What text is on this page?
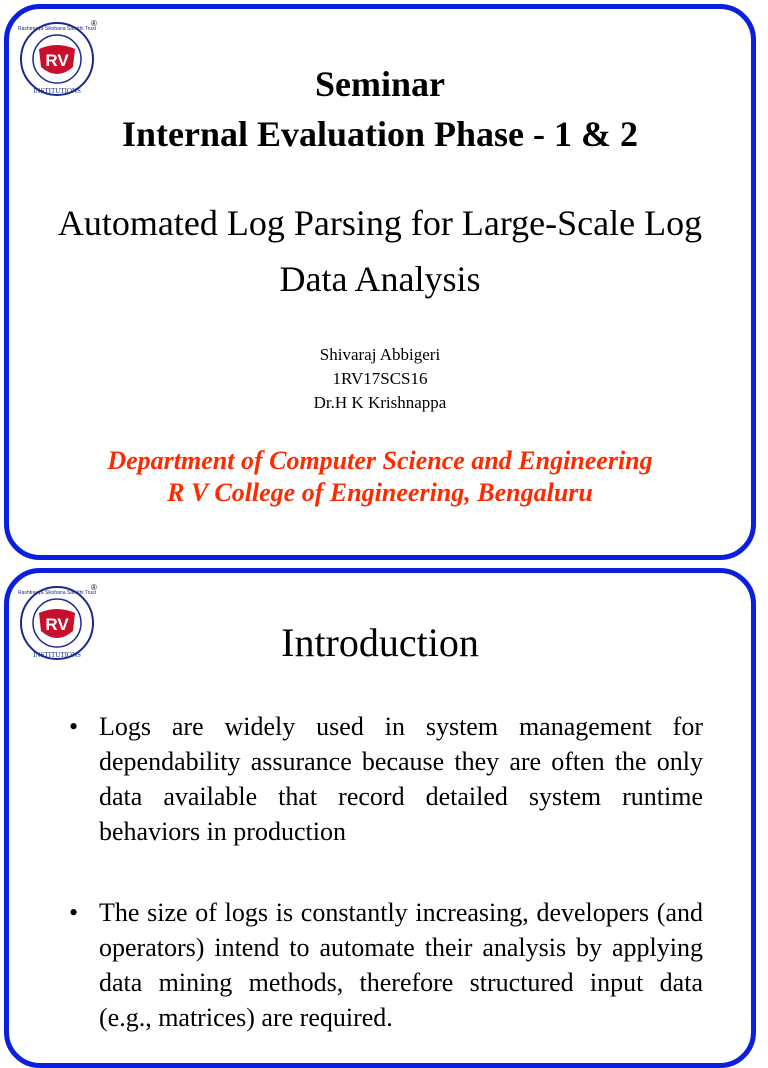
RV
Rashtreeya Sikshana Samithi Trust
INSTITUTIONS
®
Seminar
Internal Evaluation Phase - 1 & 2
Automated Log Parsing for Large-Scale Log Data Analysis
Shivaraj Abbigeri
1RV17SCS16
Dr.H K Krishnappa
Department of Computer Science and Engineering
R V College of Engineering, Bengaluru
RV
Rashtreeya Sikshana Samithi Trust
INSTITUTIONS
®
Introduction
• Logs are widely used in system management for dependability assurance because they are often the only data available that record detailed system runtime behaviors in production
• The size of logs is constantly increasing, developers (and operators) intend to automate their analysis by applying data mining methods, therefore structured input data (e.g., matrices) are required.
